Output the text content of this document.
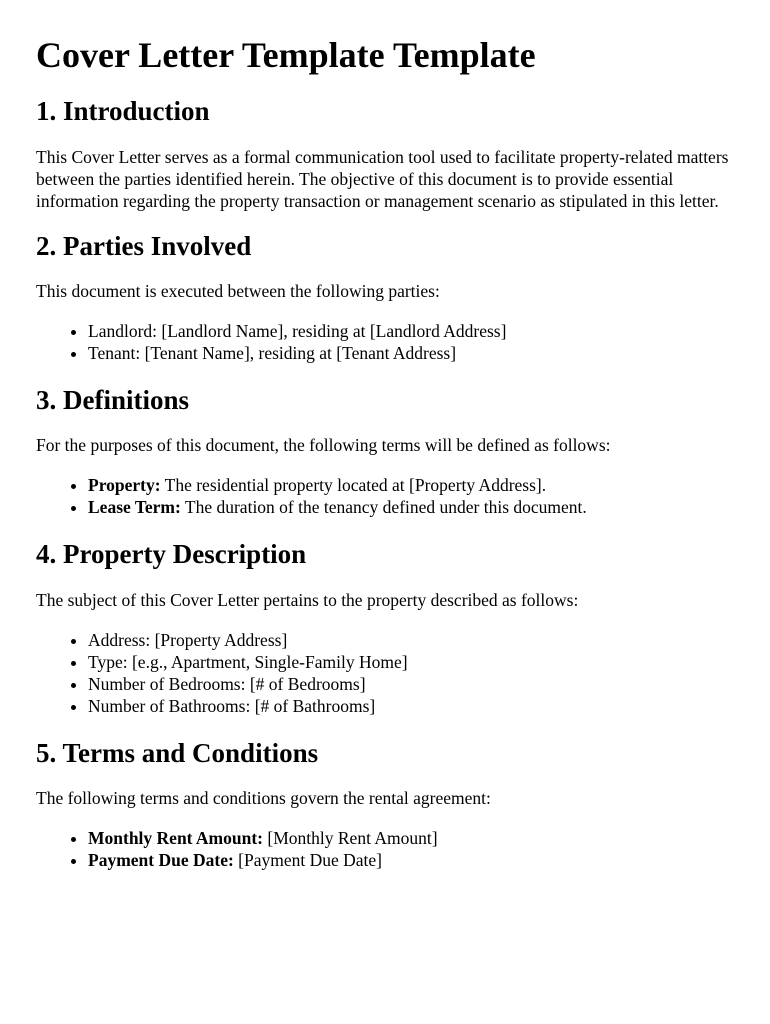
Cover Letter Template Template
1. Introduction

This Cover Letter serves as a formal communication tool used to facilitate property-related matters between the parties identified herein. The objective of this document is to provide essential information regarding the property transaction or management scenario as stipulated in this letter.

2. Parties Involved

This document is executed between the following parties:

• Landlord: [Landlord Name], residing at [Landlord Address]
• Tenant: [Tenant Name], residing at [Tenant Address]
3. Definitions

For the purposes of this document, the following terms will be defined as follows:

• Property: The residential property located at [Property Address].
• Lease Term: The duration of the tenancy defined under this document.
4. Property Description

The subject of this Cover Letter pertains to the property described as follows:

• Address: [Property Address]
• Type: [e.g., Apartment, Single-Family Home]
• Number of Bedrooms: [# of Bedrooms]
• Number of Bathrooms: [# of Bathrooms]
5. Terms and Conditions

The following terms and conditions govern the rental agreement:

• Monthly Rent Amount: [Monthly Rent Amount]
• Payment Due Date: [Payment Due Date]
